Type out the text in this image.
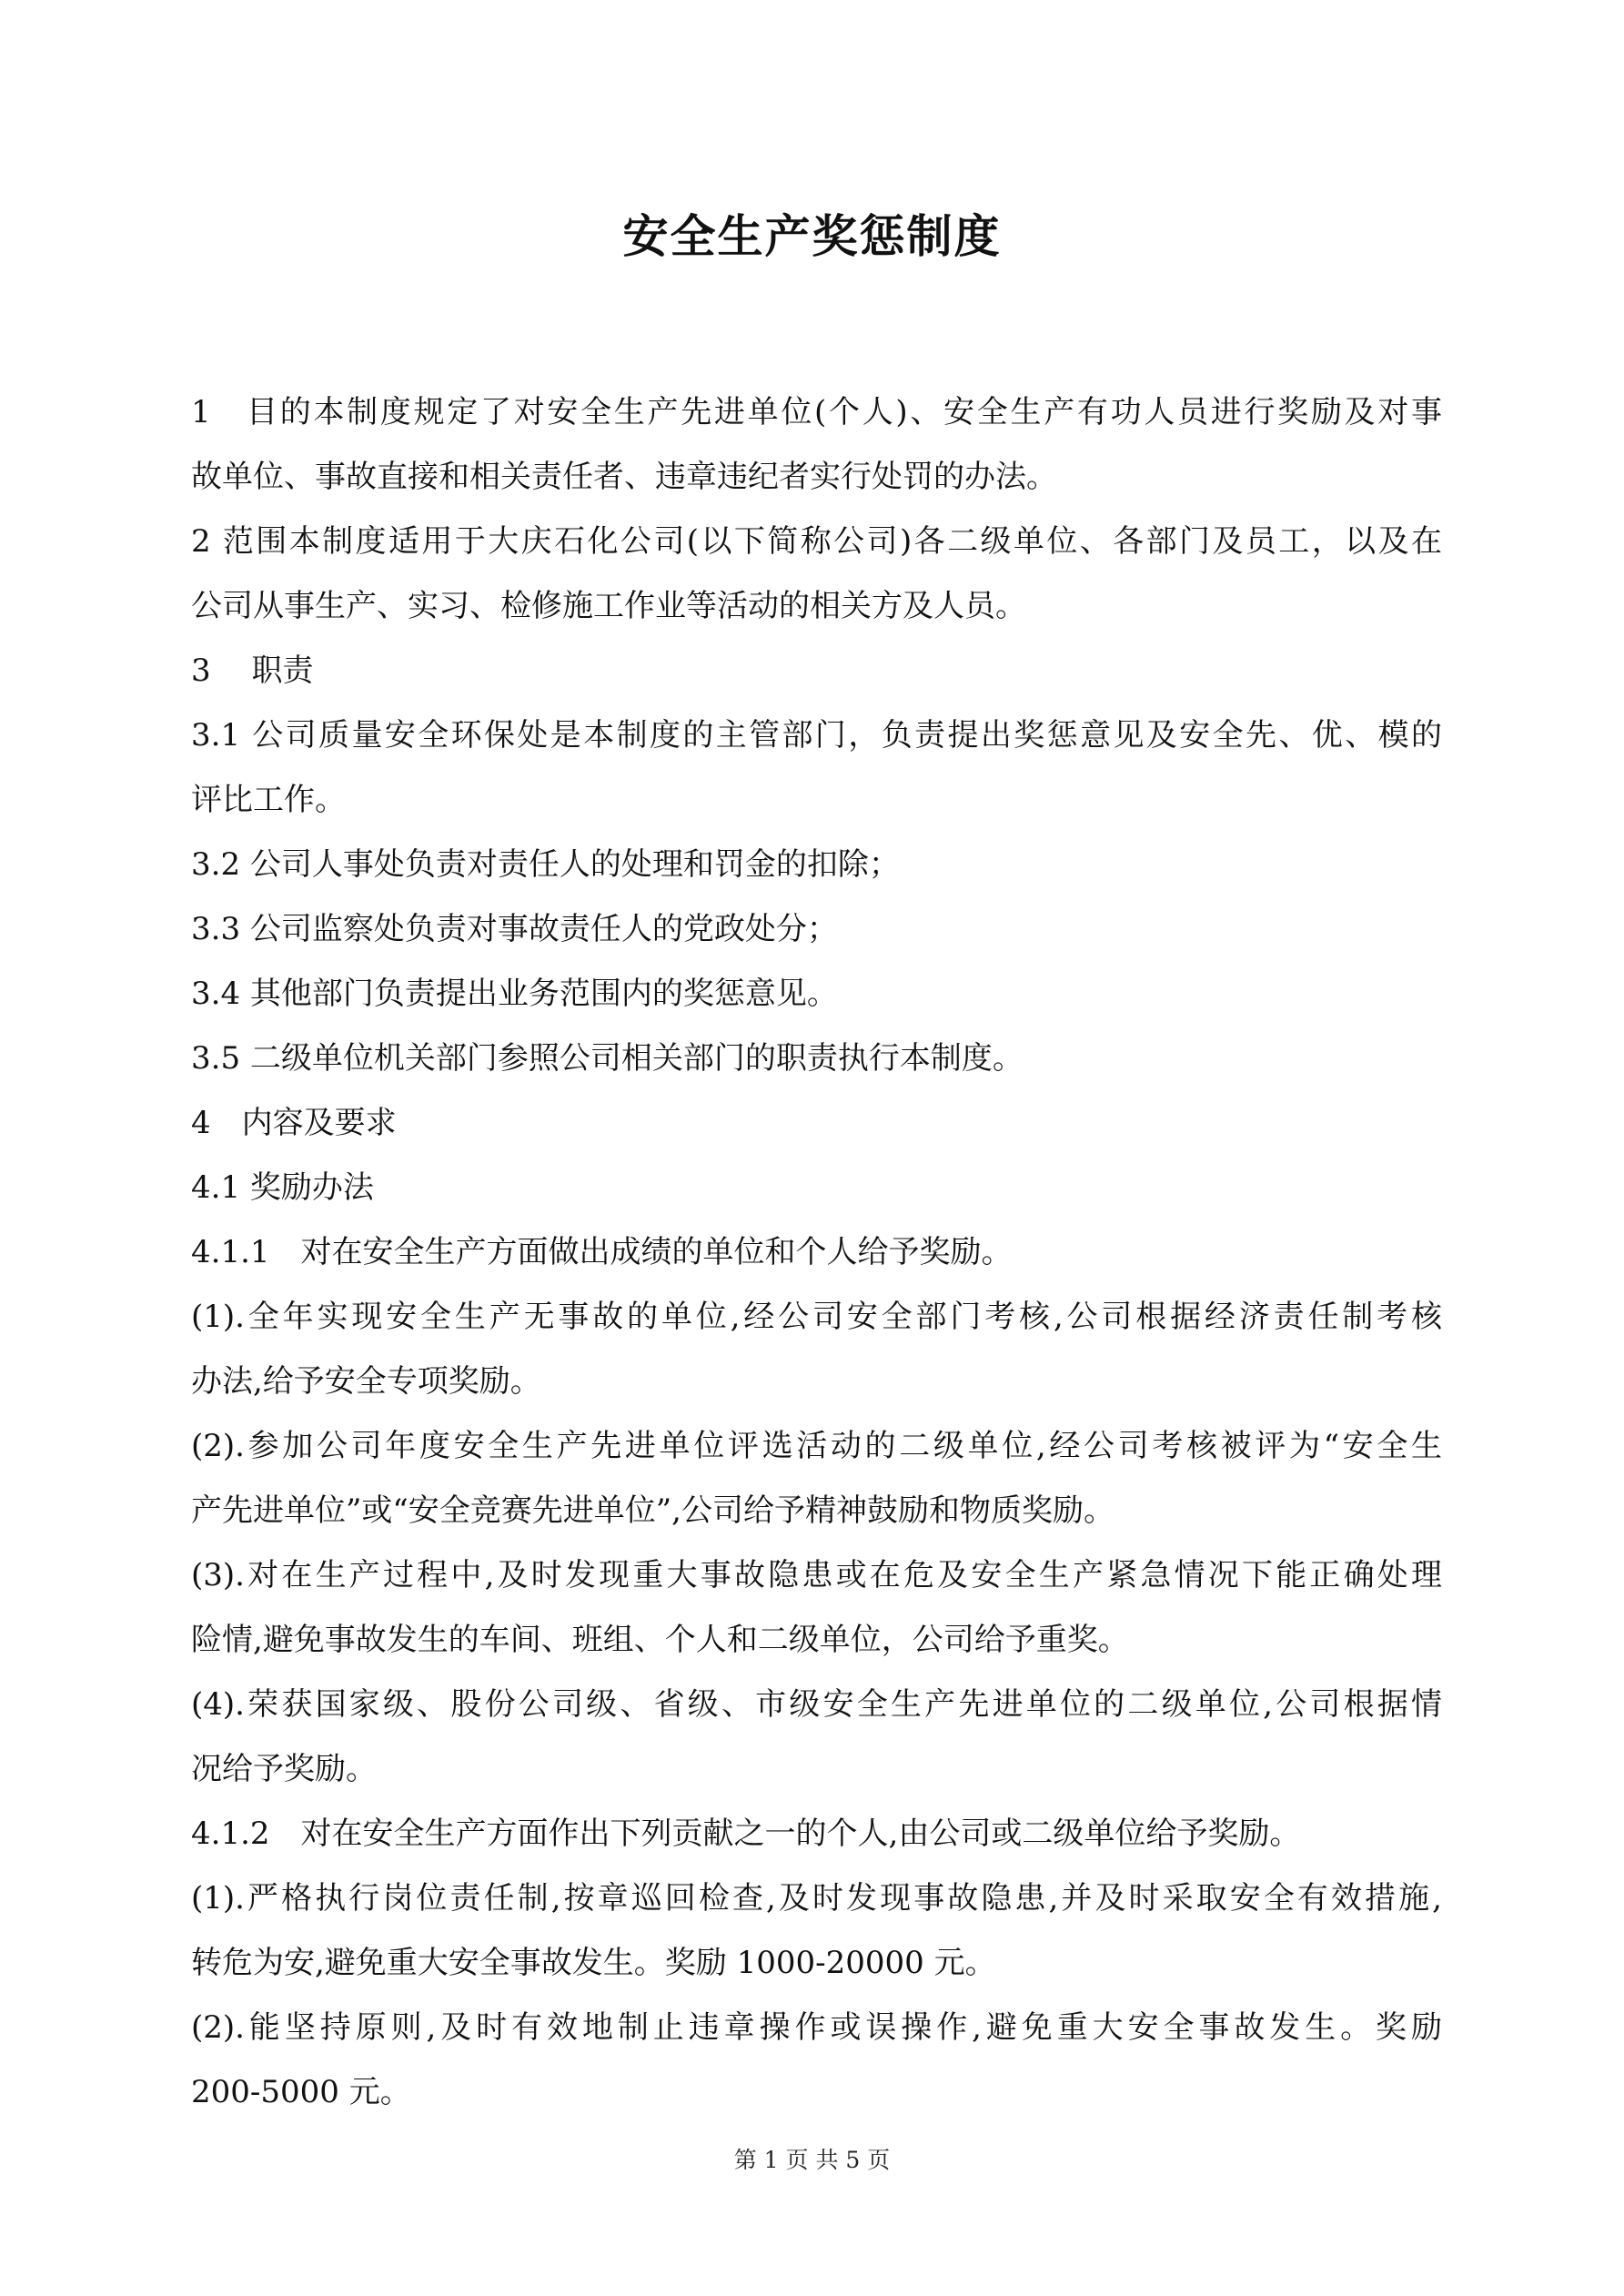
安全生产奖惩制度
1　目的本制度规定了对安全生产先进单位(个人)、安全生产有功人员进行奖励及对事
故单位、事故直接和相关责任者、违章违纪者实行处罚的办法。
2 范围本制度适用于大庆石化公司(以下简称公司)各二级单位、各部门及员工，以及在
公司从事生产、实习、检修施工作业等活动的相关方及人员。
3　 职责
3.1 公司质量安全环保处是本制度的主管部门，负责提出奖惩意见及安全先、优、模的
评比工作。
3.2 公司人事处负责对责任人的处理和罚金的扣除；
3.3 公司监察处负责对事故责任人的党政处分；
3.4 其他部门负责提出业务范围内的奖惩意见。
3.5 二级单位机关部门参照公司相关部门的职责执行本制度。
4　内容及要求
4.1 奖励办法
4.1.1　对在安全生产方面做出成绩的单位和个人给予奖励。
(1).全年实现安全生产无事故的单位,经公司安全部门考核,公司根据经济责任制考核
办法,给予安全专项奖励。
(2).参加公司年度安全生产先进单位评选活动的二级单位,经公司考核被评为“安全生
产先进单位”或“安全竞赛先进单位”,公司给予精神鼓励和物质奖励。
(3).对在生产过程中,及时发现重大事故隐患或在危及安全生产紧急情况下能正确处理
险情,避免事故发生的车间、班组、个人和二级单位，公司给予重奖。
(4).荣获国家级、股份公司级、省级、市级安全生产先进单位的二级单位,公司根据情
况给予奖励。
4.1.2　对在安全生产方面作出下列贡献之一的个人,由公司或二级单位给予奖励。
(1).严格执行岗位责任制,按章巡回检查,及时发现事故隐患,并及时采取安全有效措施,
转危为安,避免重大安全事故发生。奖励 1000-20000 元。
(2).能坚持原则,及时有效地制止违章操作或误操作,避免重大安全事故发生。奖励
200-5000 元。
第 1 页 共 5 页
